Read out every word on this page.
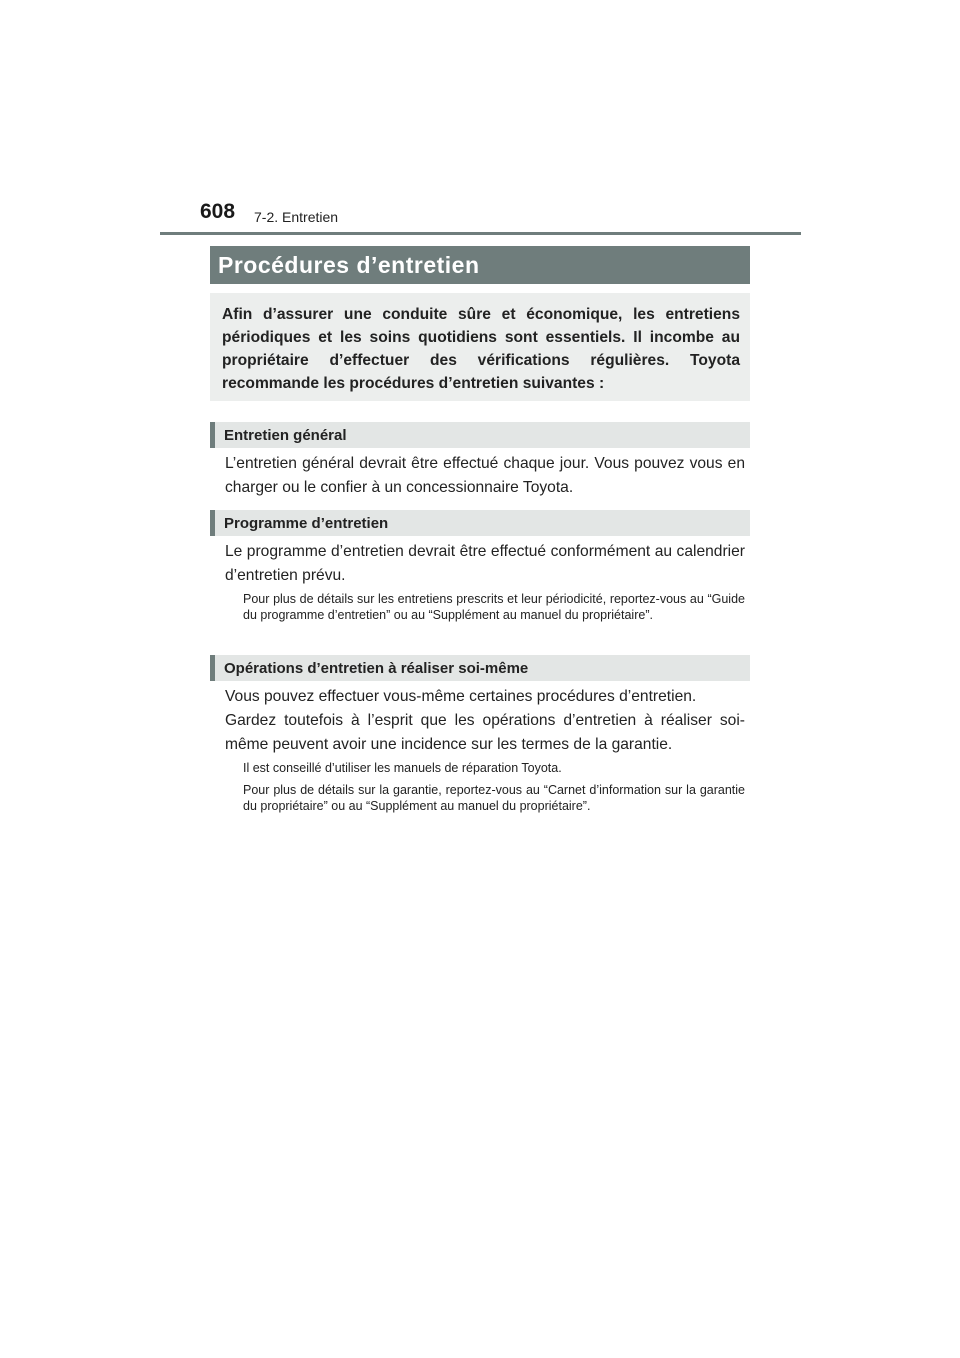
608 7-2. Entretien
Procédures d’entretien

Afin d’assurer une conduite sûre et économique, les entretiens périodiques et les soins quotidiens sont essentiels. Il incombe au propriétaire d’effectuer des vérifications régulières. Toyota recommande les procédures d’entretien suivantes :

Entretien général

L’entretien général devrait être effectué chaque jour. Vous pouvez vous en charger ou le confier à un concessionnaire Toyota.

Programme d’entretien

Le programme d’entretien devrait être effectué conformément au calendrier d’entretien prévu.

Pour plus de détails sur les entretiens prescrits et leur périodicité, reportez-vous au “Guide du programme d’entretien” ou au “Supplément au manuel du propriétaire”.

Opérations d’entretien à réaliser soi-même

Vous pouvez effectuer vous-même certaines procédures d’entretien.

Gardez toutefois à l’esprit que les opérations d’entretien à réaliser soi-même peuvent avoir une incidence sur les termes de la garantie.

Il est conseillé d’utiliser les manuels de réparation Toyota.

Pour plus de détails sur la garantie, reportez-vous au “Carnet d’information sur la garantie du propriétaire” ou au “Supplément au manuel du propriétaire”.
